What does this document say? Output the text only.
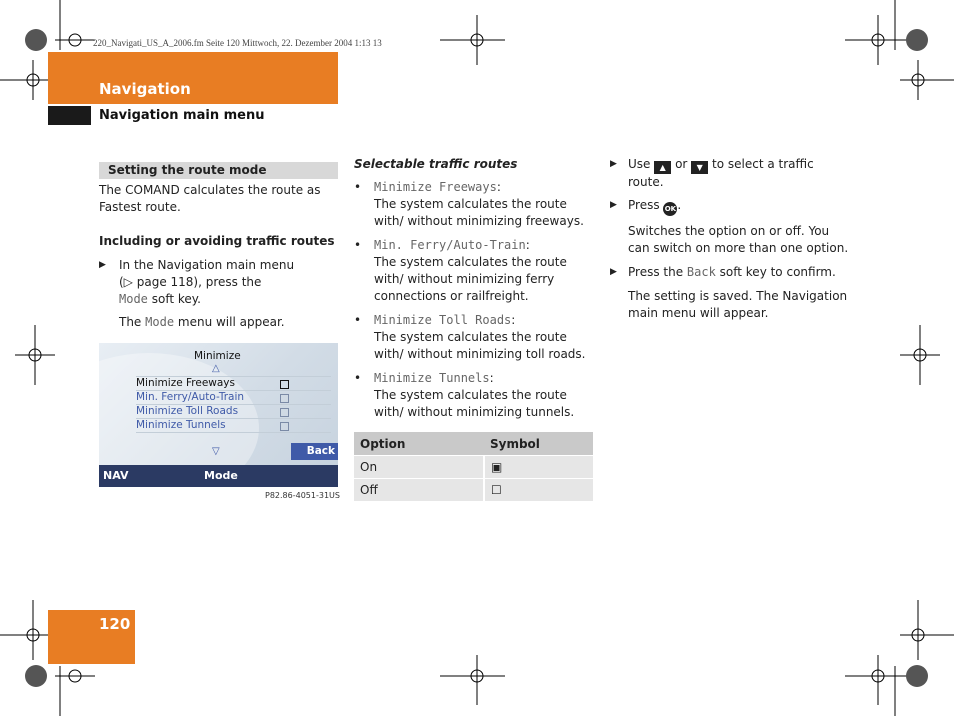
220_Navigati_US_A_2006.fm Seite 120 Mittwoch, 22. Dezember 2004 1:13 13
Navigation
Navigation main menu
Setting the route mode
The COMAND calculates the route as Fastest route.
Including or avoiding traffic routes
▶	In the Navigation main menu
(▷ page 118), press the
Mode soft key.
The Mode menu will appear.
Minimize
△
Minimize Freeways
Min. Ferry/Auto-Train
Minimize Toll Roads
Minimize Tunnels
Back
▽
NAV	Mode
P82.86-4051-31US
Selectable traffic routes
• Minimize Freeways:
The system calculates the route with/ without minimizing freeways.
• Min. Ferry/Auto-Train:
The system calculates the route with/ without minimizing ferry connections or railfreight.
• Minimize Toll Roads:
The system calculates the route with/ without minimizing toll roads.
• Minimize Tunnels:
The system calculates the route with/ without minimizing tunnels.
Option	Symbol
On	▣
Off	☐
▶ Use ▲ or ▼ to select a traffic route.
▶ Press OK.
Switches the option on or off. You can switch on more than one option.
▶ Press the Back soft key to confirm.
The setting is saved. The Navigation main menu will appear.
120
